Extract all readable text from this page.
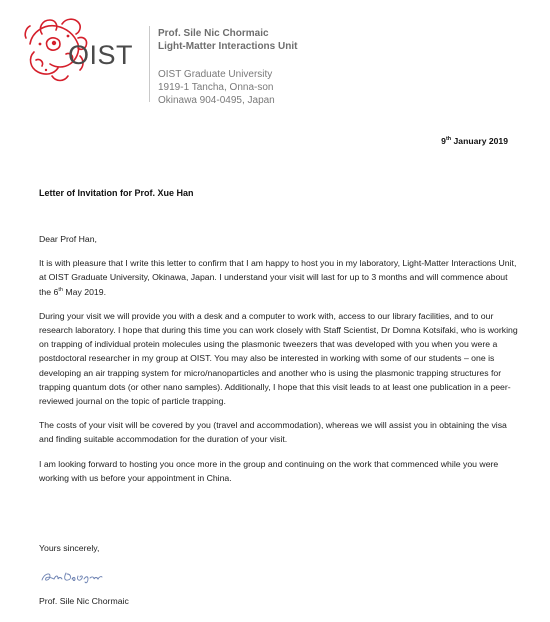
OIST
Prof. Sile Nic Chormaic
Light-Matter Interactions Unit
OIST Graduate University
1919-1 Tancha, Onna-son
Okinawa 904-0495, Japan
9th January 2019
Letter of Invitation for Prof. Xue Han

Dear Prof Han,

It is with pleasure that I write this letter to confirm that I am happy to host you in my laboratory, Light-Matter Interactions Unit, at OIST Graduate University, Okinawa, Japan. I understand your visit will last for up to 3 months and will commence about the 6th May 2019.

During your visit we will provide you with a desk and a computer to work with, access to our library facilities, and to our research laboratory. I hope that during this time you can work closely with Staff Scientist, Dr Domna Kotsifaki, who is working on trapping of individual protein molecules using the plasmonic tweezers that was developed with you when you were a postdoctoral researcher in my group at OIST. You may also be interested in working with some of our students – one is developing an air trapping system for micro/nanoparticles and another who is using the plasmonic trapping structures for trapping quantum dots (or other nano samples). Additionally, I hope that this visit leads to at least one publication in a peer-reviewed journal on the topic of particle trapping.

The costs of your visit will be covered by you (travel and accommodation), whereas we will assist you in obtaining the visa and finding suitable accommodation for the duration of your visit.

I am looking forward to hosting you once more in the group and continuing on the work that commenced while you were working with us before your appointment in China.

Yours sincerely,
Prof. Sile Nic Chormaic
